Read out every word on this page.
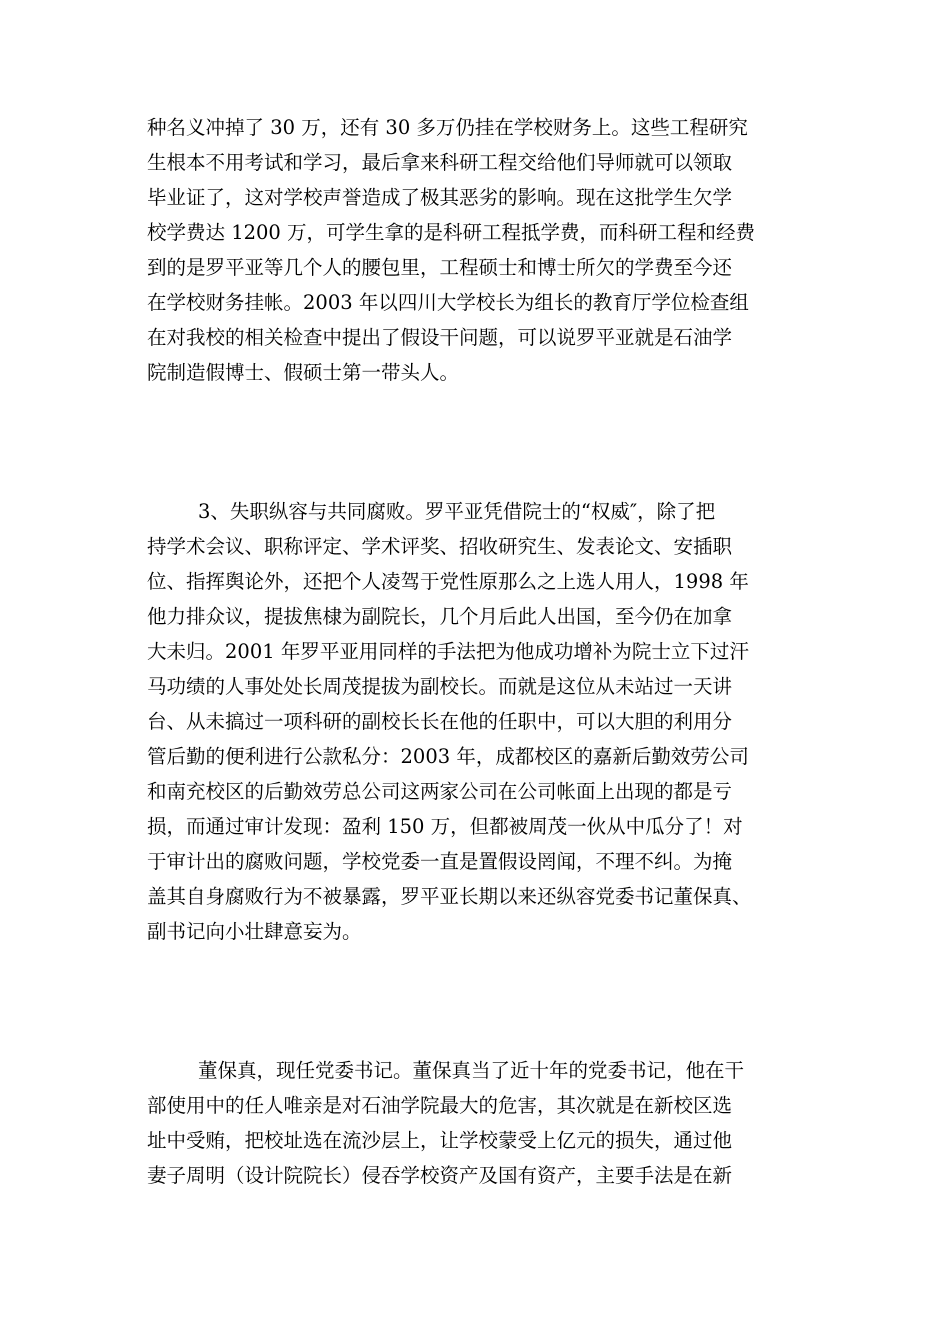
种名义冲掉了 30 万，还有 30 多万仍挂在学校财务上。这些工程研究
生根本不用考试和学习，最后拿来科研工程交给他们导师就可以领取
毕业证了，这对学校声誉造成了极其恶劣的影响。现在这批学生欠学
校学费达 1200 万，可学生拿的是科研工程抵学费，而科研工程和经费
到的是罗平亚等几个人的腰包里，工程硕士和博士所欠的学费至今还
在学校财务挂帐。2003 年以四川大学校长为组长的教育厅学位检查组
在对我校的相关检查中提出了假设干问题，可以说罗平亚就是石油学
院制造假博士、假硕士第一带头人。
3、失职纵容与共同腐败。罗平亚凭借院士的“权威″，除了把
持学术会议、职称评定、学术评奖、招收研究生、发表论文、安插职
位、指挥舆论外，还把个人凌驾于党性原那么之上选人用人，1998 年
他力排众议，提拔焦棣为副院长，几个月后此人出国，至今仍在加拿
大未归。2001 年罗平亚用同样的手法把为他成功增补为院士立下过汗
马功绩的人事处处长周茂提拔为副校长。而就是这位从未站过一天讲
台、从未搞过一项科研的副校长长在他的任职中，可以大胆的利用分
管后勤的便利进行公款私分：2003 年，成都校区的嘉新后勤效劳公司
和南充校区的后勤效劳总公司这两家公司在公司帐面上出现的都是亏
损，而通过审计发现：盈利 150 万，但都被周茂一伙从中瓜分了！对
于审计出的腐败问题，学校党委一直是置假设罔闻，不理不纠。为掩
盖其自身腐败行为不被暴露，罗平亚长期以来还纵容党委书记董保真、
副书记向小壮肆意妄为。
董保真，现任党委书记。董保真当了近十年的党委书记，他在干
部使用中的任人唯亲是对石油学院最大的危害，其次就是在新校区选
址中受贿，把校址选在流沙层上，让学校蒙受上亿元的损失，通过他
妻子周明（设计院院长）侵吞学校资产及国有资产，主要手法是在新
